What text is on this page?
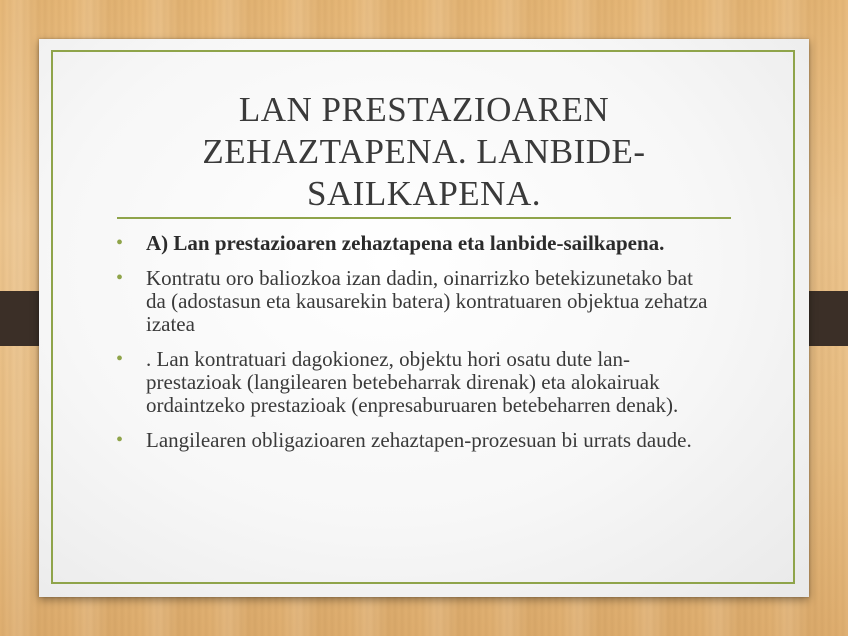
LAN PRESTAZIOAREN ZEHAZTAPENA. LANBIDE-SAILKAPENA.
• A) Lan prestazioaren zehaztapena eta lanbide-sailkapena.
• Kontratu oro baliozkoa izan dadin, oinarrizko betekizunetako bat da (adostasun eta kausarekin batera) kontratuaren objektua zehatza izatea
• . Lan kontratuari dagokionez, objektu hori osatu dute lan-prestazioak (langilearen betebeharrak direnak) eta alokairuak ordaintzeko prestazioak (enpresaburuaren betebeharren denak).
• Langilearen obligazioaren zehaztapen-prozesuan bi urrats daude.
